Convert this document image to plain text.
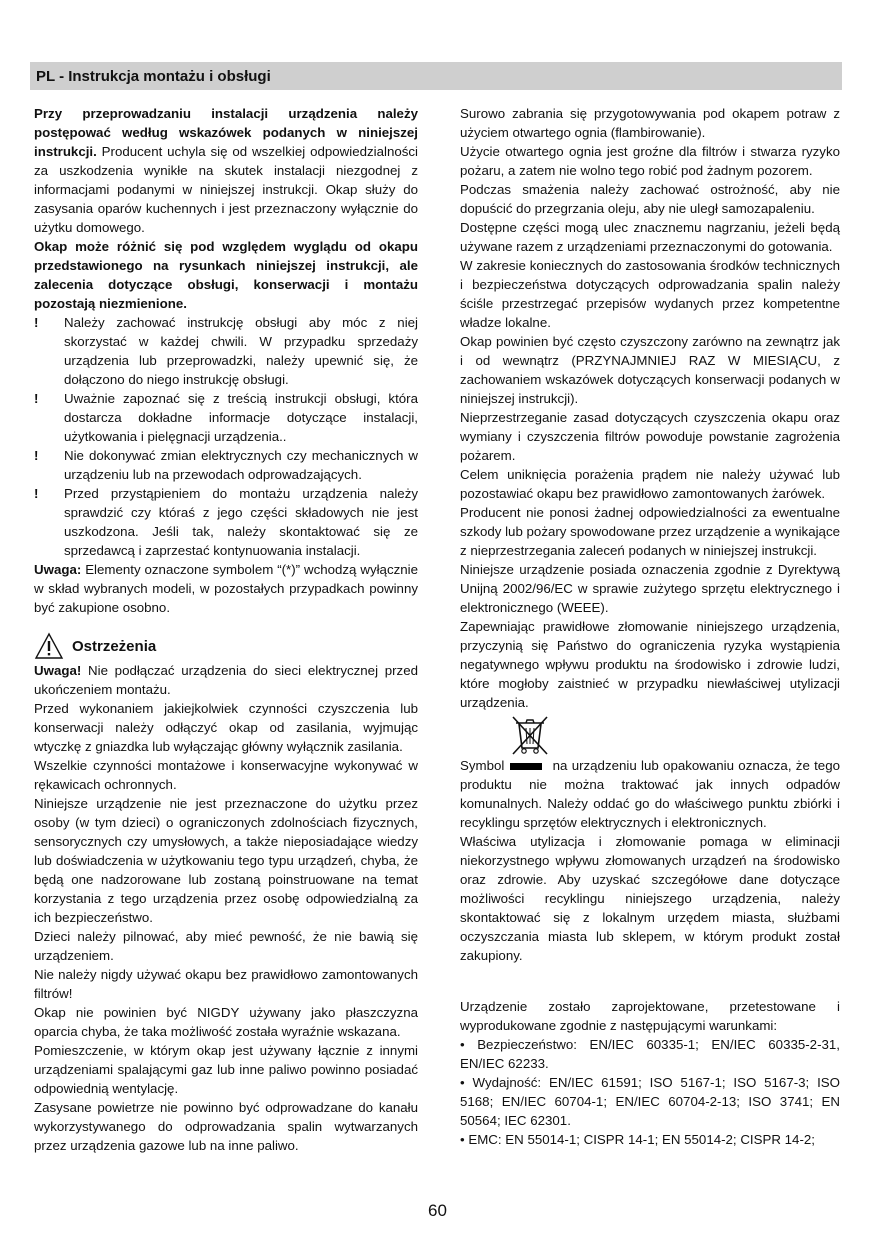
PL - Instrukcja montażu i obsługi

Przy przeprowadzaniu instalacji urządzenia należy postępować według wskazówek podanych w niniejszej instrukcji. Producent uchyla się od wszelkiej odpowiedzialności za uszkodzenia wynikłe na skutek instalacji niezgodnej z informacjami podanymi w niniejszej instrukcji. Okap służy do zasysania oparów kuchennych i jest przeznaczony wyłącznie do użytku domowego.

Okap może różnić się pod względem wyglądu od okapu przedstawionego na rysunkach niniejszej instrukcji, ale zalecenia dotyczące obsługi, konserwacji i montażu pozostają niezmienione.

!	Należy zachować instrukcję obsługi aby móc z niej skorzystać w każdej chwili. W przypadku sprzedaży urządzenia lub przeprowadzki, należy upewnić się, że dołączono do niego instrukcję obsługi.

!	Uważnie zapoznać się z treścią instrukcji obsługi, która dostarcza dokładne informacje dotyczące instalacji, użytkowania i pielęgnacji urządzenia..

!	Nie dokonywać zmian elektrycznych czy mechanicznych w urządzeniu lub na przewodach odprowadzających.

!	Przed przystąpieniem do montażu urządzenia należy sprawdzić czy któraś z jego części składowych nie jest uszkodzona. Jeśli tak, należy skontaktować się ze sprzedawcą i zaprzestać kontynuowania instalacji.

Uwaga: Elementy oznaczone symbolem “(*)” wchodzą wyłącznie w skład wybranych modeli, w pozostałych przypadkach powinny być zakupione osobno.

Ostrzeżenia

Uwaga! Nie podłączać urządzenia do sieci elektrycznej przed ukończeniem montażu.

Przed wykonaniem jakiejkolwiek czynności czyszczenia lub konserwacji należy odłączyć okap od zasilania, wyjmując wtyczkę z gniazdka lub wyłączając główny wyłącznik zasilania.

Wszelkie czynności montażowe i konserwacyjne wykonywać w rękawicach ochronnych.

Niniejsze urządzenie nie jest przeznaczone do użytku przez osoby (w tym dzieci) o ograniczonych zdolnościach fizycznych, sensorycznych czy umysłowych, a także nieposiadające wiedzy lub doświadczenia w użytkowaniu tego typu urządzeń, chyba, że będą one nadzorowane lub zostaną poinstruowane na temat korzystania z tego urządzenia przez osobę odpowiedzialną za ich bezpieczeństwo.

Dzieci należy pilnować, aby mieć pewność, że nie bawią się urządzeniem.

Nie należy nigdy używać okapu bez prawidłowo zamontowanych filtrów!

Okap nie powinien być NIGDY używany jako płaszczyzna oparcia chyba, że taka możliwość została wyraźnie wskazana.

Pomieszczenie, w którym okap jest używany łącznie z innymi urządzeniami spalającymi gaz lub inne paliwo powinno posiadać odpowiednią wentylację.

Zasysane powietrze nie powinno być odprowadzane do kanału wykorzystywanego do odprowadzania spalin wytwarzanych przez urządzenia gazowe lub na inne paliwo.

Surowo zabrania się przygotowywania pod okapem potraw z użyciem otwartego ognia (flambirowanie).

Użycie otwartego ognia jest groźne dla filtrów i stwarza ryzyko pożaru, a zatem nie wolno tego robić pod żadnym pozorem.

Podczas smażenia należy zachować ostrożność, aby nie dopuścić do przegrzania oleju, aby nie uległ samozapaleniu.

Dostępne części mogą ulec znacznemu nagrzaniu, jeżeli będą używane razem z urządzeniami przeznaczonymi do gotowania.

W zakresie koniecznych do zastosowania środków technicznych i bezpieczeństwa dotyczących odprowadzania spalin należy ściśle przestrzegać przepisów wydanych przez kompetentne władze lokalne.

Okap powinien być często czyszczony zarówno na zewnątrz jak i od wewnątrz (PRZYNAJMNIEJ RAZ W MIESIĄCU, z zachowaniem wskazówek dotyczących konserwacji podanych w niniejszej instrukcji).

Nieprzestrzeganie zasad dotyczących czyszczenia okapu oraz wymiany i czyszczenia filtrów powoduje powstanie zagrożenia pożarem.

Celem uniknięcia porażenia prądem nie należy używać lub pozostawiać okapu bez prawidłowo zamontowanych żarówek.

Producent nie ponosi żadnej odpowiedzialności za ewentualne szkody lub pożary spowodowane przez urządzenie a wynikające z nieprzestrzegania zaleceń podanych w niniejszej instrukcji.

Niniejsze urządzenie posiada oznaczenia zgodnie z Dyrektywą Unijną 2002/96/EC w sprawie zużytego sprzętu elektrycznego i elektronicznego (WEEE).

Zapewniając prawidłowe złomowanie niniejszego urządzenia, przyczynią się Państwo do ograniczenia ryzyka wystąpienia negatywnego wpływu produktu na środowisko i zdrowie ludzi, które mogłoby zaistnieć w przypadku niewłaściwej utylizacji urządzenia.

Symbol	na urządzeniu lub opakowaniu oznacza, że tego produktu nie można traktować jak innych odpadów komunalnych. Należy oddać go do właściwego punktu zbiórki i recyklingu sprzętów elektrycznych i elektronicznych.

Właściwa utylizacja i złomowanie pomaga w eliminacji niekorzystnego wpływu złomowanych urządzeń na środowisko oraz zdrowie. Aby uzyskać szczegółowe dane dotyczące możliwości recyklingu niniejszego urządzenia, należy skontaktować się z lokalnym urzędem miasta, służbami oczyszczania miasta lub sklepem, w którym produkt został zakupiony.

Urządzenie zostało zaprojektowane, przetestowane i wyprodukowane zgodnie z następującymi warunkami:

• Bezpieczeństwo: EN/IEC 60335-1; EN/IEC 60335-2-31, EN/IEC 62233.

• Wydajność: EN/IEC 61591; ISO 5167-1; ISO 5167-3; ISO 5168; EN/IEC 60704-1; EN/IEC 60704-2-13; ISO 3741; EN 50564; IEC 62301.

• EMC: EN 55014-1; CISPR 14-1; EN 55014-2; CISPR 14-2;

60
